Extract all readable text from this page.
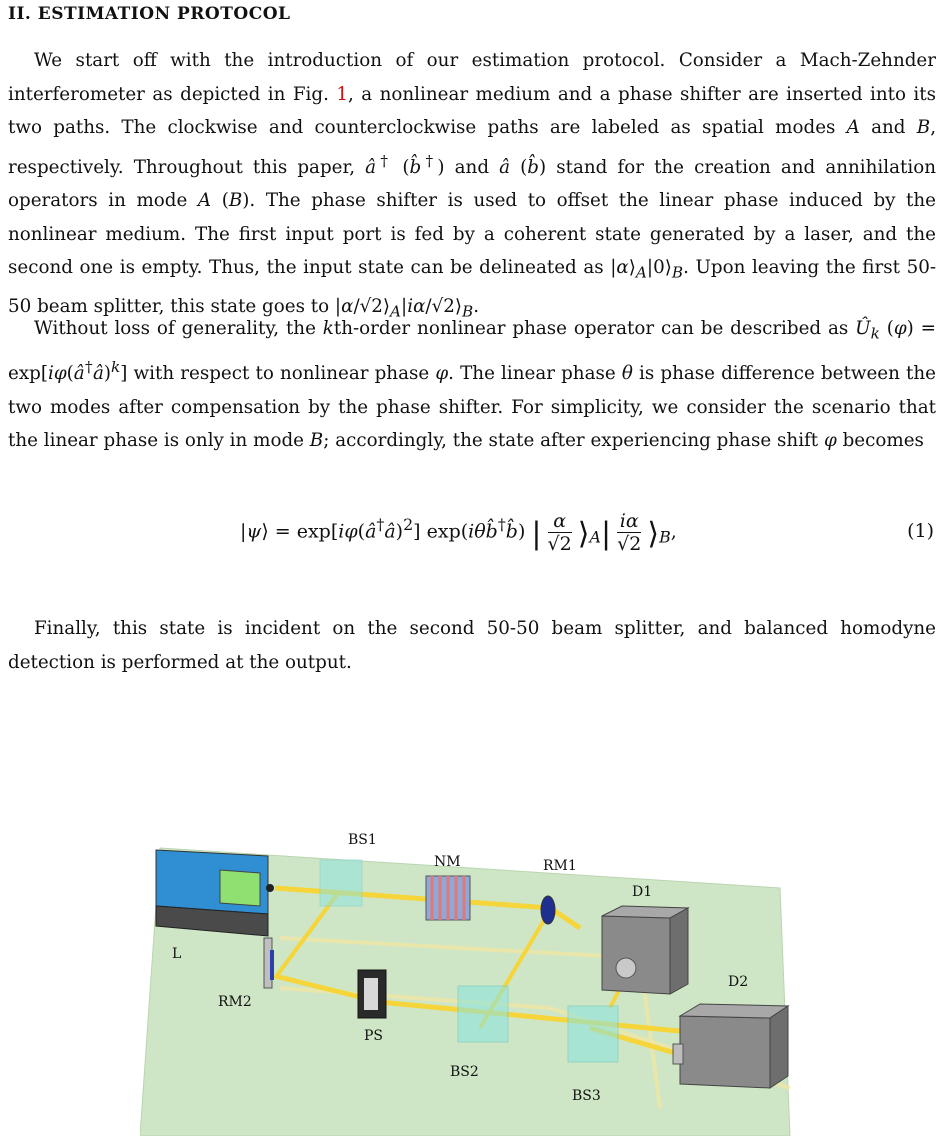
II. ESTIMATION PROTOCOL

We start off with the introduction of our estimation protocol. Consider a Mach-Zehnder interferometer as depicted in Fig. 1, a nonlinear medium and a phase shifter are inserted into its two paths. The clockwise and counterclockwise paths are labeled as spatial modes A and B, respectively. Throughout this paper, â† (b̂†) and â (b̂) stand for the creation and annihilation operators in mode A (B). The phase shifter is used to offset the linear phase induced by the nonlinear medium. The first input port is fed by a coherent state generated by a laser, and the second one is empty. Thus, the input state can be delineated as $|\alpha⟩_A|0⟩_B$. Upon leaving the first 50-50 beam splitter, this state goes to $|\alpha/√2⟩_A|i\alpha/√2⟩_B$.

Without loss of generality, the kth-order nonlinear phase operator can be described as $Û_k$ (φ) = exp[iφ(â†â)$^k$] with respect to nonlinear phase φ. The linear phase θ is phase difference between the two modes after compensation by the phase shifter. For simplicity, we consider the scenario that the linear phase is only in mode B; accordingly, the state after experiencing phase shift φ becomes

|ψ⟩ = exp[iφ(â†â)$^2$] exp(iθb̂†b̂) | $\frac{\alpha}{√2}$ $⟩_A| \frac{i\alpha}{√2}$ $⟩_B$,	(1)

Finally, this state is incident on the second 50-50 beam splitter, and balanced homodyne detection is performed at the output.

L
BS1
NM	RM1
RM2
PS
BS2
BS3
D1
D2
